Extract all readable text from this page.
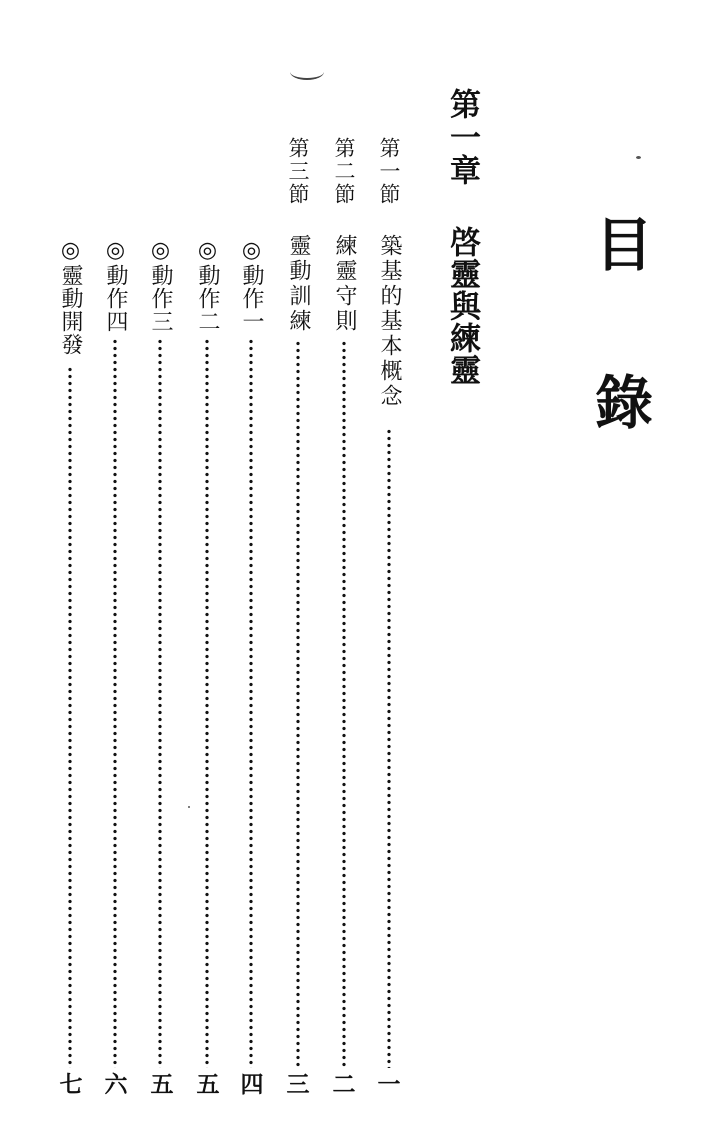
目錄
第一章
啓靈與練靈
第一節
築基的基本概念
一
第二節
練靈守則
二
第三節
靈動訓練
三
◎動作一
四
◎動作二
五
◎動作三
五
◎動作四
六
◎靈動開發
七
